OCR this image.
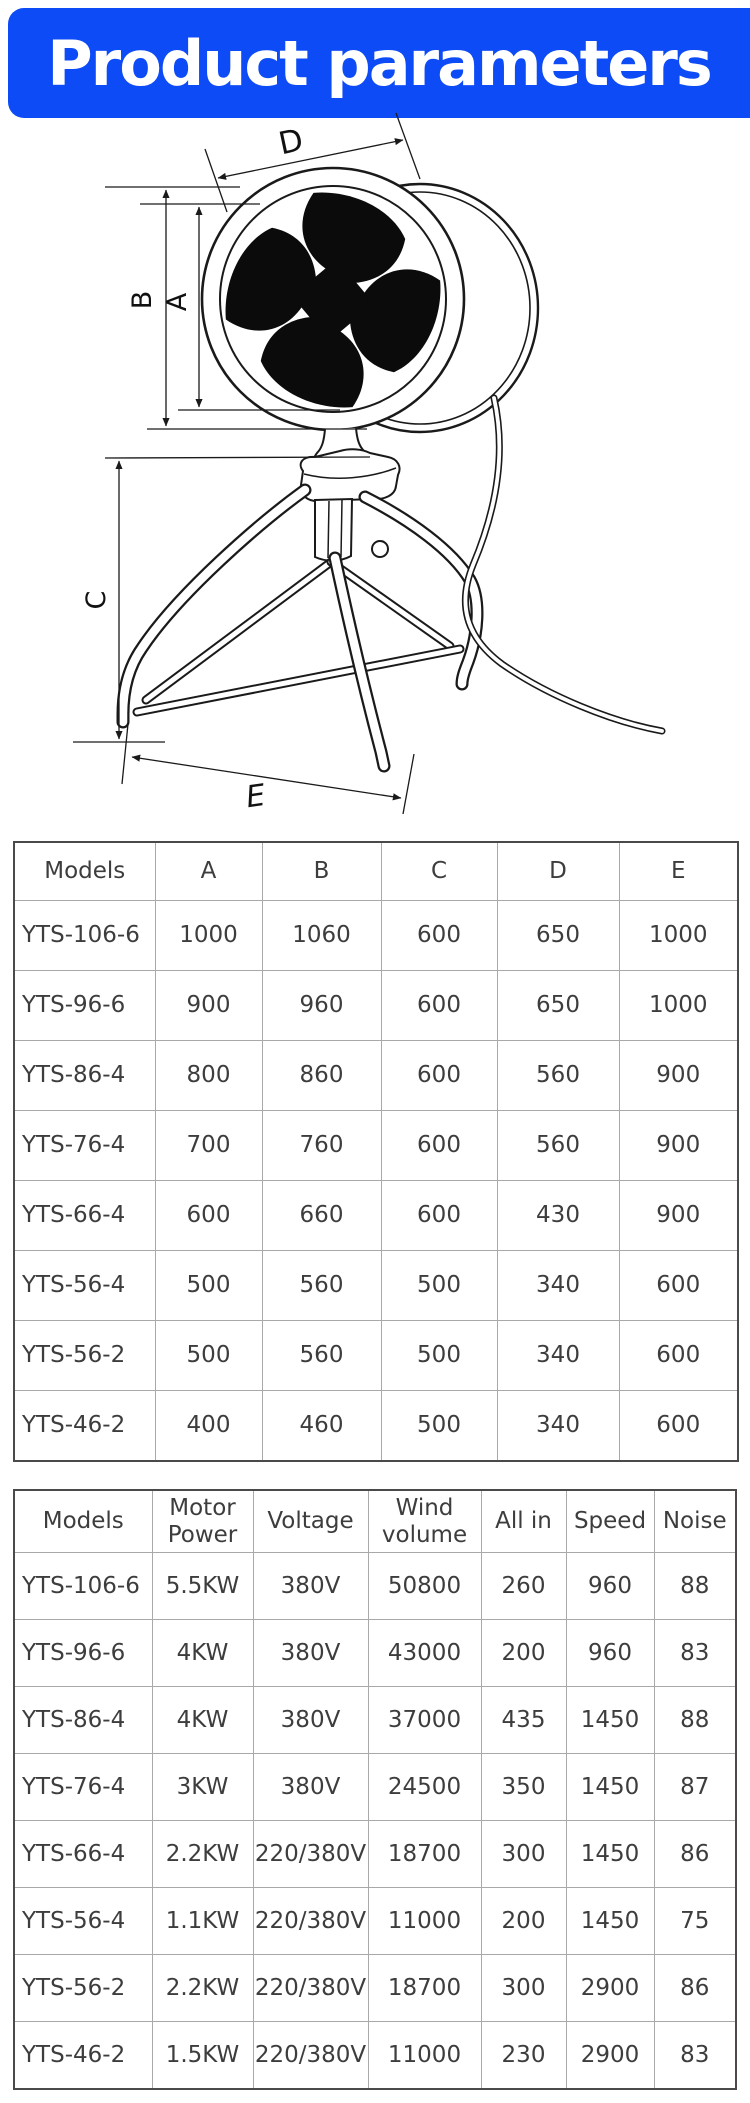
Product parameters
D
B A
C
E
Models	A	B	C	D	E
YTS-106-6	1000	1060	600	650	1000
YTS-96-6	900	960	600	650	1000
YTS-86-4	800	860	600	560	900
YTS-76-4	700	760	600	560	900
YTS-66-4	600	660	600	430	900
YTS-56-4	500	560	500	340	600
YTS-56-2	500	560	500	340	600
YTS-46-2	400	460	500	340	600
Models	Motor Power	Voltage	Wind volume	All in	Speed	Noise
YTS-106-6	5.5KW	380V	50800	260	960	88
YTS-96-6	4KW	380V	43000	200	960	83
YTS-86-4	4KW	380V	37000	435	1450	88
YTS-76-4	3KW	380V	24500	350	1450	87
YTS-66-4	2.2KW	220/380V	18700	300	1450	86
YTS-56-4	1.1KW	220/380V	11000	200	1450	75
YTS-56-2	2.2KW	220/380V	18700	300	2900	86
YTS-46-2	1.5KW	220/380V	11000	230	2900	83
